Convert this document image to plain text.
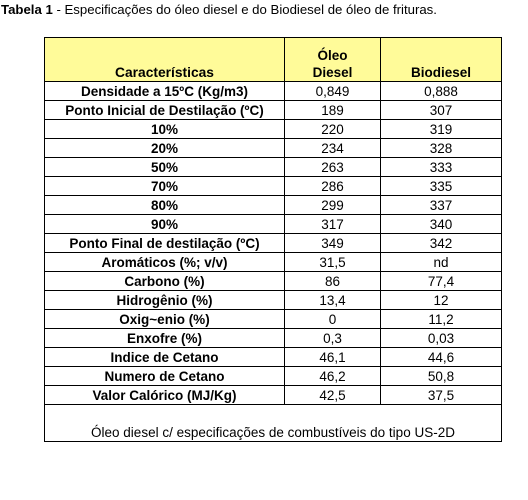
Tabela 1 - Especificações do óleo diesel e do Biodiesel de óleo de frituras.
Características	Óleo Diesel	Biodiesel
Densidade a 15ºC (Kg/m3)	0,849	0,888
Ponto Inicial de Destilação (ºC)	189	307
10%	220	319
20%	234	328
50%	263	333
70%	286	335
80%	299	337
90%	317	340
Ponto Final de destilação (ºC)	349	342
Aromáticos (%; v/v)	31,5	nd
Carbono (%)	86	77,4
Hidrogênio (%)	13,4	12
Oxig~enio (%)	0	11,2
Enxofre (%)	0,3	0,03
Indice de Cetano	46,1	44,6
Numero de Cetano	46,2	50,8
Valor Calórico (MJ/Kg)	42,5	37,5
Óleo diesel c/ especificações de combustíveis do tipo US-2D		
